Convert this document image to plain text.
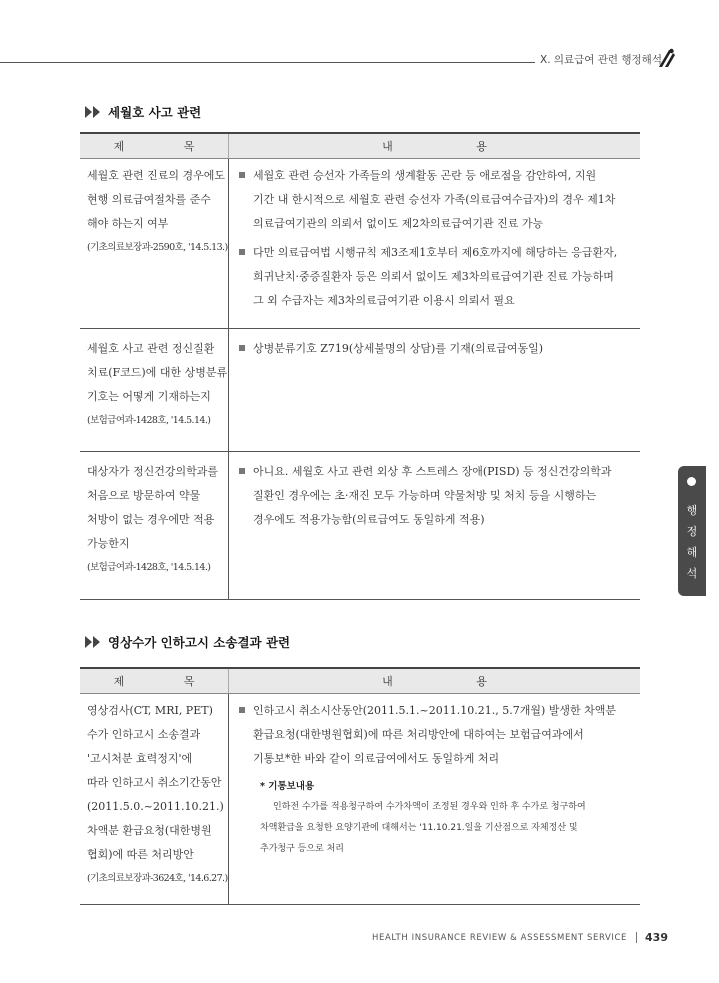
X. 의료급여 관련 행정해석
세월호 사고 관련
제 목	내 용
세월호 관련 진료의 경우에도
현행 의료급여절차를 준수
해야 하는지 여부
(기초의료보장과-2590호, '14.5.13.)
세월호 관련 승선자 가족들의 생계활동 곤란 등 애로점을 감안하여, 지원
기간 내 한시적으로 세월호 관련 승선자 가족(의료급여수급자)의 경우 제1차
의료급여기관의 의뢰서 없이도 제2차의료급여기관 진료 가능
다만 의료급여법 시행규칙 제3조제1호부터 제6호까지에 해당하는 응급환자,
희귀난치·중증질환자 등은 의뢰서 없이도 제3차의료급여기관 진료 가능하며
그 외 수급자는 제3차의료급여기관 이용시 의뢰서 필요
세월호 사고 관련 정신질환
치료(F코드)에 대한 상병분류
기호는 어떻게 기재하는지
(보험급여과-1428호, '14.5.14.)
상병분류기호 Z719(상세불명의 상담)를 기재(의료급여동일)
대상자가 정신건강의학과를
처음으로 방문하여 약물
처방이 없는 경우에만 적용
가능한지
(보험급여과-1428호, '14.5.14.)
아니요. 세월호 사고 관련 외상 후 스트레스 장애(PISD) 등 정신건강의학과
질환인 경우에는 초·재진 모두 가능하며 약물처방 및 처치 등을 시행하는
경우에도 적용가능함(의료급여도 동일하게 적용)
영상수가 인하고시 소송결과 관련
제 목	내 용
영상검사(CT, MRI, PET)
수가 인하고시 소송결과
'고시처분 효력정지'에
따라 인하고시 취소기간동안
(2011.5.0.~2011.10.21.)
차액분 환급요청(대한병원
협회)에 따른 처리방안
(기초의료보장과-3624호, '14.6.27.)
인하고시 취소시산동안(2011.5.1.~2011.10.21., 5.7개월) 발생한 차액분
환급요청(대한병원협회)에 따른 처리방안에 대하여는 보험급여과에서
기통보*한 바와 같이 의료급여에서도 동일하게 처리
* 기통보내용
인하전 수가를 적용청구하여 수가차액이 조정된 경우와 인하 후 수가로 청구하여
차액환급을 요청한 요양기관에 대해서는 '11.10.21.일을 기산점으로 자체정산 및
추가청구 등으로 처리
행
정
해
석
HEALTH INSURANCE REVIEW & ASSESSMENT SERVICE 439
